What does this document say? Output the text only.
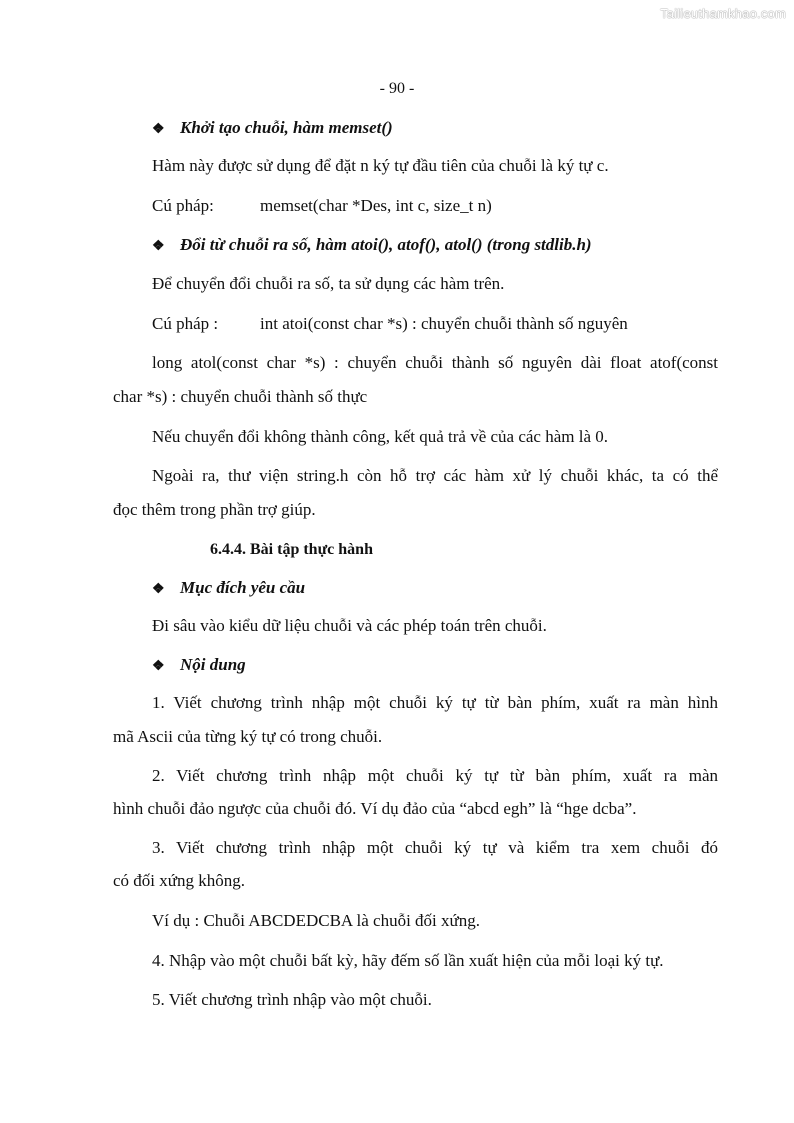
Tailieuthamkhao.com
- 90 -
❖ Khởi tạo chuỗi, hàm memset()
Hàm này được sử dụng để đặt n ký tự đầu tiên của chuỗi là ký tự c.
Cú pháp:	memset(char *Des, int c, size_t n)
❖ Đổi từ chuỗi ra số, hàm atoi(), atof(), atol() (trong stdlib.h)
Để chuyển đổi chuỗi ra số, ta sử dụng các hàm trên.
Cú pháp : int atoi(const char *s) : chuyển chuỗi thành số nguyên
long atol(const char *s) : chuyển chuỗi thành số nguyên dài float atof(const
char *s) : chuyển chuỗi thành số thực
Nếu chuyển đổi không thành công, kết quả trả về của các hàm là 0.
Ngoài ra, thư viện string.h còn hỗ trợ các hàm xử lý chuỗi khác, ta có thể
đọc thêm trong phần trợ giúp.
6.4.4. Bài tập thực hành
❖ Mục đích yêu cầu
Đi sâu vào kiểu dữ liệu chuỗi và các phép toán trên chuỗi.
❖ Nội dung
1. Viết chương trình nhập một chuỗi ký tự từ bàn phím, xuất ra màn hình
mã Ascii của từng ký tự có trong chuỗi.
2. Viết chương trình nhập một chuỗi ký tự từ bàn phím, xuất ra màn
hình chuỗi đảo ngược của chuỗi đó. Ví dụ đảo của “abcd egh” là “hge dcba”.
3. Viết chương trình nhập một chuỗi ký tự và kiểm tra xem chuỗi đó
có đối xứng không.
Ví dụ : Chuỗi ABCDEDCBA là chuỗi đối xứng.
4. Nhập vào một chuỗi bất kỳ, hãy đếm số lần xuất hiện của mỗi loại ký tự.
5. Viết chương trình nhập vào một chuỗi.
